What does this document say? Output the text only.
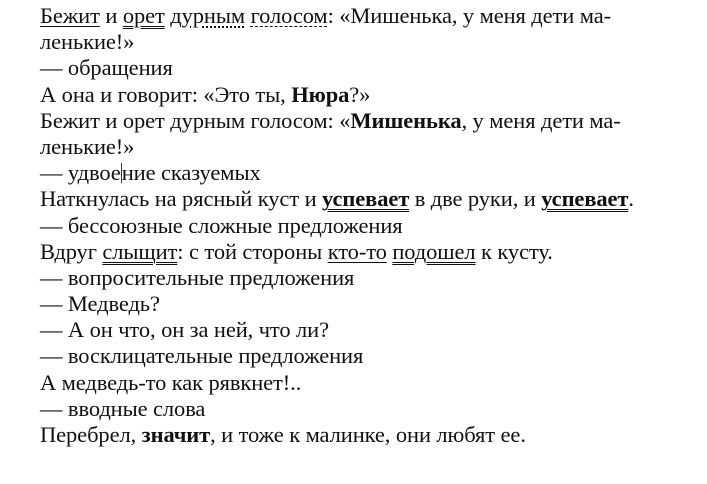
Бежит и орет дурным голосом: «Мишенька, у меня дети ма-
ленькие!»
— обращения
А она и говорит: «Это ты, Нюра?»
Бежит и орет дурным голосом: «Мишенька, у меня дети ма-
ленькие!»
— удвоение сказуемых
Наткнулась на рясный куст и успевает в две руки, и успевает.
— бессоюзные сложные предложения
Вдруг слыщит: с той стороны кто-то подошел к кусту.
— вопросительные предложения
— Медведь?
— А он что, он за ней, что ли?
— восклицательные предложения
А медведь-то как рявкнет!..
— вводные слова
Перебрел, значит, и тоже к малинке, они любят ее.
